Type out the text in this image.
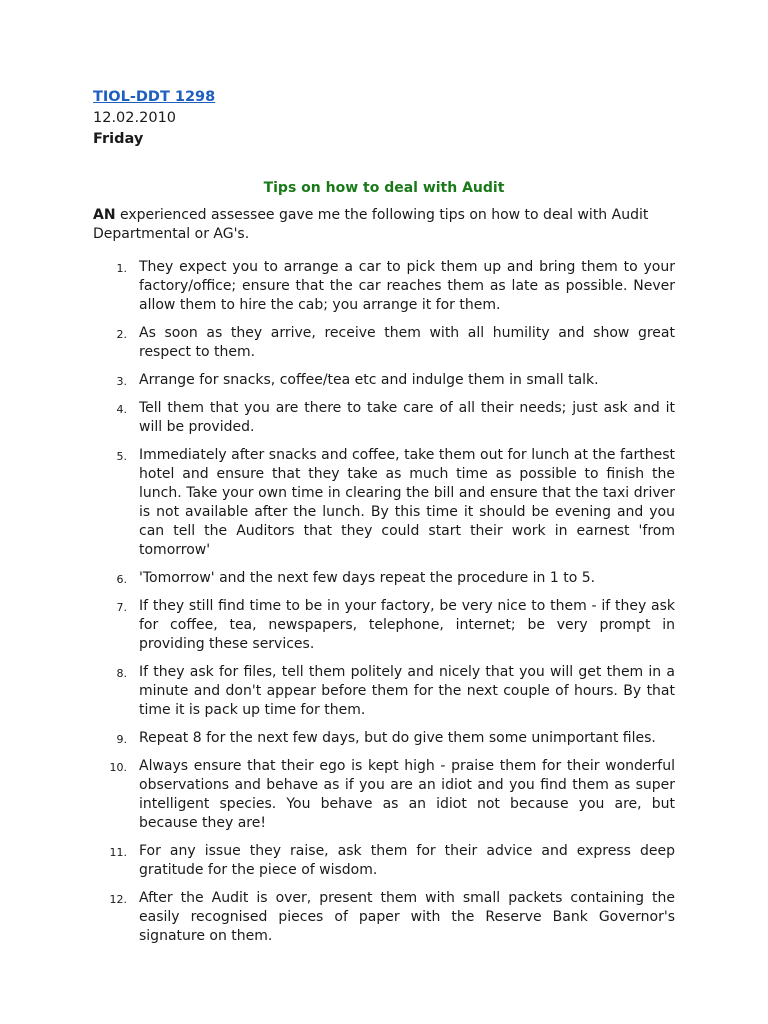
TIOL-DDT 1298
12.02.2010
Friday
Tips on how to deal with Audit

AN experienced assessee gave me the following tips on how to deal with Audit Departmental or AG's.

1. They expect you to arrange a car to pick them up and bring them to your factory/office; ensure that the car reaches them as late as possible. Never allow them to hire the cab; you arrange it for them.
2. As soon as they arrive, receive them with all humility and show great respect to them.
3. Arrange for snacks, coffee/tea etc and indulge them in small talk.
4. Tell them that you are there to take care of all their needs; just ask and it will be provided.
5. Immediately after snacks and coffee, take them out for lunch at the farthest hotel and ensure that they take as much time as possible to finish the lunch. Take your own time in clearing the bill and ensure that the taxi driver is not available after the lunch. By this time it should be evening and you can tell the Auditors that they could start their work in earnest 'from tomorrow'
6. 'Tomorrow' and the next few days repeat the procedure in 1 to 5.
7. If they still find time to be in your factory, be very nice to them - if they ask for coffee, tea, newspapers, telephone, internet; be very prompt in providing these services.
8. If they ask for files, tell them politely and nicely that you will get them in a minute and don't appear before them for the next couple of hours. By that time it is pack up time for them.
9. Repeat 8 for the next few days, but do give them some unimportant files.
10. Always ensure that their ego is kept high - praise them for their wonderful observations and behave as if you are an idiot and you find them as super intelligent species. You behave as an idiot not because you are, but because they are!
11. For any issue they raise, ask them for their advice and express deep gratitude for the piece of wisdom.
12. After the Audit is over, present them with small packets containing the easily recognised pieces of paper with the Reserve Bank Governor's signature on them.
